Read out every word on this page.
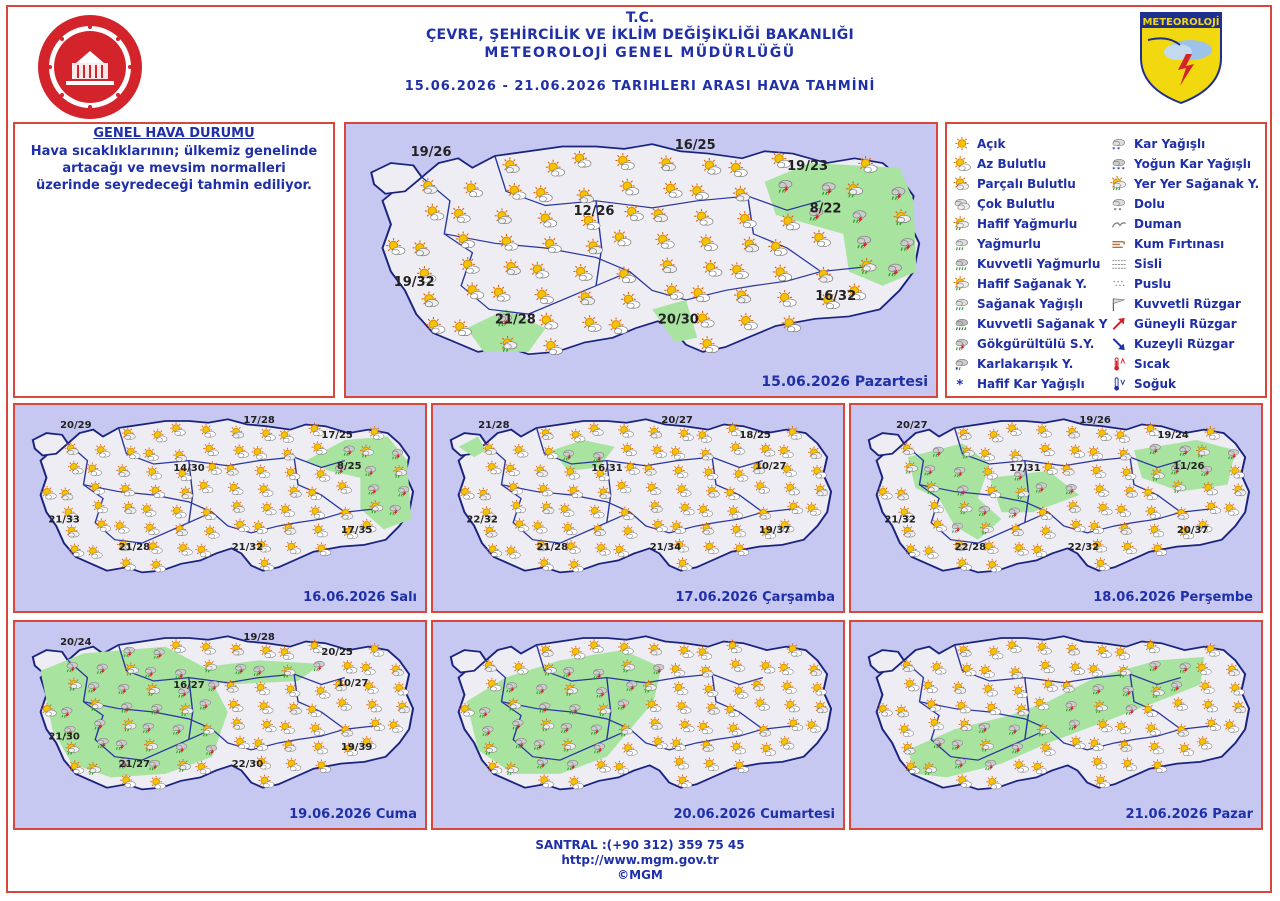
T.C.
ÇEVRE, ŞEHİRCİLİK VE İKLİM DEĞİŞİKLİĞİ BAKANLIĞI
METEOROLOJİ GENEL MÜDÜRLÜĞÜ
15.06.2026 - 21.06.2026 TARIHLERI ARASI HAVA TAHMİNİ
METEOROLOJİ
GENEL HAVA DURUMU
Hava sıcaklıklarının; ülkemiz genelinde artacağı ve mevsim normalleri üzerinde seyredeceği tahmin ediliyor.
19/26	16/25
19/23
12/26	8/22
19/32
16/32
21/28	20/30
15.06.2026 Pazartesi
Açık
Az Bulutlu
Parçalı Bulutlu
Çok Bulutlu
Hafif Yağmurlu
Yağmurlu
Kuvvetli Yağmurlu
Hafif Sağanak Y.
Sağanak Yağışlı
Kuvvetli Sağanak Y
Gökgürültülü S.Y.
* Karlakarışık Y.
* Hafif Kar Yağışlı
* * Kar Yağışlı
* * * Yoğun Kar Yağışlı
Yer Yer Sağanak Y.
Dolu
Duman
Kum Fırtınası
Sisli
Puslu
Kuvvetli Rüzgar
Güneyli Rüzgar
Kuzeyli Rüzgar
Sıcak
Soğuk
20/29	17/28
17/25
14/30	8/25
21/33
17/35
21/28	21/32
16.06.2026 Salı
21/28	20/27
18/25
16/31	10/27
22/32
19/37
21/28	21/34
17.06.2026 Çarşamba
20/27	19/26
19/24
17/31	11/26
21/32
20/37
22/28	22/32
18.06.2026 Perşembe
20/24	19/28
20/25
16/27	10/27
21/30
19/39
21/27	22/30
19.06.2026 Cuma	20.06.2026 Cumartesi	21.06.2026 Pazar
SANTRAL :(+90 312) 359 75 45
http://www.mgm.gov.tr
©MGM
